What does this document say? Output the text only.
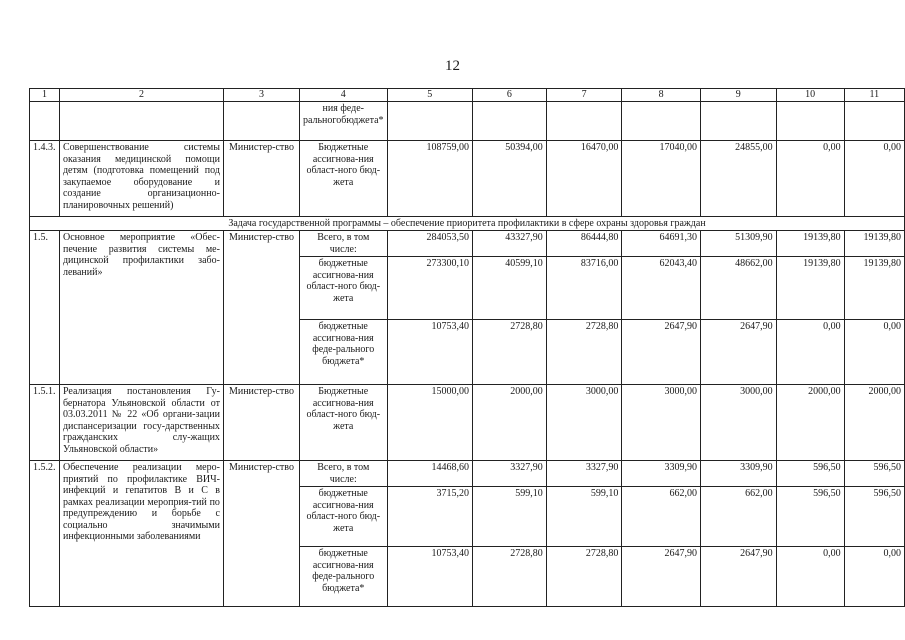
12
1	2	3	4	5	6	7	8	9	10	11
			ния феде-ральногобюджета*							
1.4.3.	Совершенствование системы оказания медицинской помощи детям (подготовка помещений под закупаемое оборудование и создание организационно-планировочных решений)	Министер-ство	Бюджетные ассигнова-ния област-ного бюд-жета	108759,00	50394,00	16470,00	17040,00	24855,00	0,00	0,00
Задача государственной программы – обеспечение приоритета профилактики в сфере охраны здоровья граждан										
1.5.	Основное мероприятие «Обес-печение развития системы ме-дицинской профилактики забо-леваний»	Министер-ство	Всего, в том числе:	284053,50	43327,90	86444,80	64691,30	51309,90	19139,80	19139,80
			бюджетные ассигнова-ния област-ного бюд-жета	273300,10	40599,10	83716,00	62043,40	48662,00	19139,80	19139,80
			бюджетные ассигнова-ния феде-рального бюджета*	10753,40	2728,80	2728,80	2647,90	2647,90	0,00	0,00
1.5.1.	Реализация постановления Гу-бернатора Ульяновской области от 03.03.2011 № 22 «Об органи-зации диспансеризации госу-дарственных гражданских слу-жащих Ульяновской области»	Министер-ство	Бюджетные ассигнова-ния област-ного бюд-жета	15000,00	2000,00	3000,00	3000,00	3000,00	2000,00	2000,00
1.5.2.	Обеспечение реализации меро-приятий по профилактике ВИЧ-инфекций и гепатитов В и С в рамках реализации мероприя-тий по предупреждению и борьбе с социально значимыми инфекционными заболеваниями	Министер-ство	Всего, в том числе:	14468,60	3327,90	3327,90	3309,90	3309,90	596,50	596,50
			бюджетные ассигнова-ния област-ного бюд-жета	3715,20	599,10	599,10	662,00	662,00	596,50	596,50
			бюджетные ассигнова-ния феде-рального бюджета*	10753,40	2728,80	2728,80	2647,90	2647,90	0,00	0,00
